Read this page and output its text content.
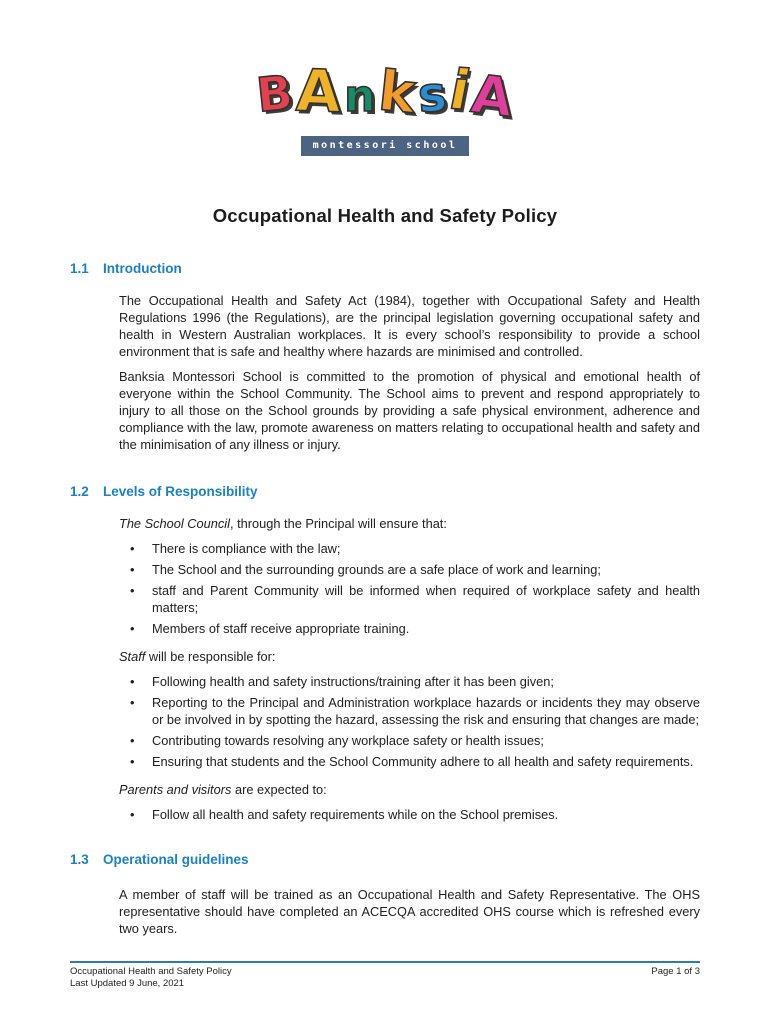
B A n k
s
i
A
montessori school
Occupational Health and Safety Policy
1.1	Introduction

The Occupational Health and Safety Act (1984), together with Occupational Safety and Health Regulations 1996 (the Regulations), are the principal legislation governing occupational safety and health in Western Australian workplaces. It is every school’s responsibility to provide a school environment that is safe and healthy where hazards are minimised and controlled.

Banksia Montessori School is committed to the promotion of physical and emotional health of everyone within the School Community. The School aims to prevent and respond appropriately to injury to all those on the School grounds by providing a safe physical environment, adherence and compliance with the law, promote awareness on matters relating to occupational health and safety and the minimisation of any illness or injury.

1.2	Levels of Responsibility

The School Council, through the Principal will ensure that:

• There is compliance with the law;
• The School and the surrounding grounds are a safe place of work and learning;
• staff and Parent Community will be informed when required of workplace safety and health matters;
• Members of staff receive appropriate training.

Staff will be responsible for:

• Following health and safety instructions/training after it has been given;
• Reporting to the Principal and Administration workplace hazards or incidents they may observe or be involved in by spotting the hazard, assessing the risk and ensuring that changes are made;
• Contributing towards resolving any workplace safety or health issues;
• Ensuring that students and the School Community adhere to all health and safety requirements.

Parents and visitors are expected to:

• Follow all health and safety requirements while on the School premises.
1.3	Operational guidelines

A member of staff will be trained as an Occupational Health and Safety Representative. The OHS representative should have completed an ACECQA accredited OHS course which is refreshed every two years.

Occupational Health and Safety Policy
Last Updated 9 June, 2021
Page 1 of 3
